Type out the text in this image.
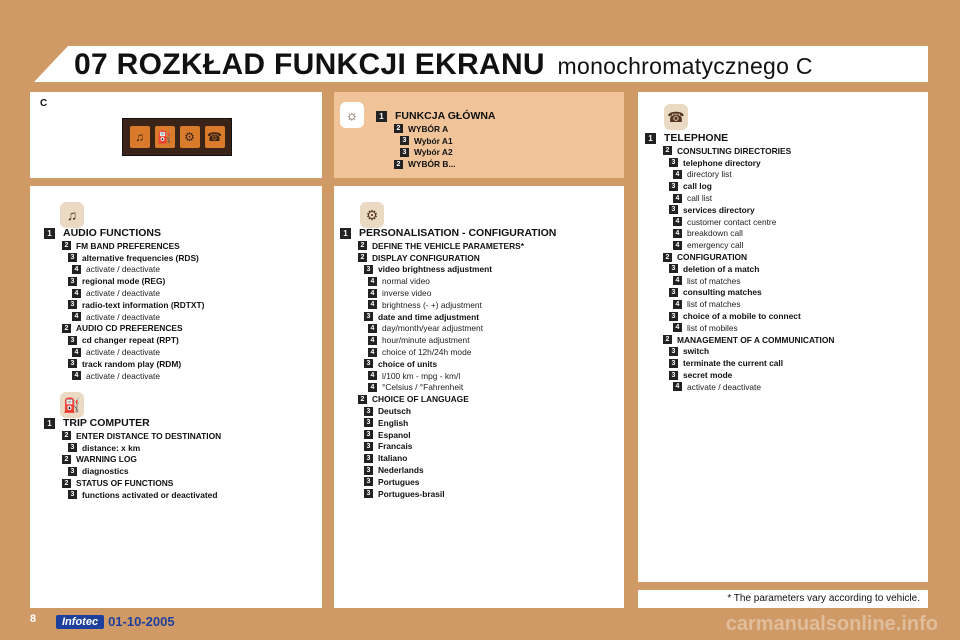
07 ROZKŁAD FUNKCJI EKRANU monochromatycznego C
C
♫	⛽	⚙	☎
☼	1	FUNKCJA GŁÓWNA
2 WYBÓR A
3 Wybór A1
3 Wybór A2
2 WYBÓR B...
♫
1	AUDIO FUNCTIONS
2 FM BAND PREFERENCES
3 alternative frequencies (RDS)
4 activate / deactivate
3 regional mode (REG)
4 activate / deactivate
3 radio-text information (RDTXT)
4 activate / deactivate
2 AUDIO CD PREFERENCES
3 cd changer repeat (RPT)
4 activate / deactivate
3 track random play (RDM)
4 activate / deactivate
⛽
1	TRIP COMPUTER
2 ENTER DISTANCE TO DESTINATION
3 distance: x km
2 WARNING LOG
3 diagnostics
2 STATUS OF FUNCTIONS
3 functions activated or deactivated
⚙
1	PERSONALISATION - CONFIGURATION
2 DEFINE THE VEHICLE PARAMETERS*
2 DISPLAY CONFIGURATION
3 video brightness adjustment
4 normal video
4 inverse video
4 brightness (- +) adjustment
3 date and time adjustment
4 day/month/year adjustment
4 hour/minute adjustment
4 choice of 12h/24h mode
3 choice of units
4 l/100 km - mpg - km/l
4 °Celsius / °Fahrenheit
2 CHOICE OF LANGUAGE
3 Deutsch
3 English
3 Espanol
3 Francais
3 Italiano
3 Nederlands
3 Portugues
3 Portugues-brasil
☎
1	TELEPHONE
2 CONSULTING DIRECTORIES
3 telephone directory
4 directory list
3 call log
4 call list
3 services directory
4 customer contact centre
4 breakdown call
4 emergency call
2 CONFIGURATION
3 deletion of a match
4 list of matches
3 consulting matches
4 list of matches
3 choice of a mobile to connect
4 list of mobiles
2 MANAGEMENT OF A COMMUNICATION
3 switch
3 terminate the current call
3 secret mode
4 activate / deactivate
* The parameters vary according to vehicle.
8	Infotec 01-10-2005	carmanualsonline.info
